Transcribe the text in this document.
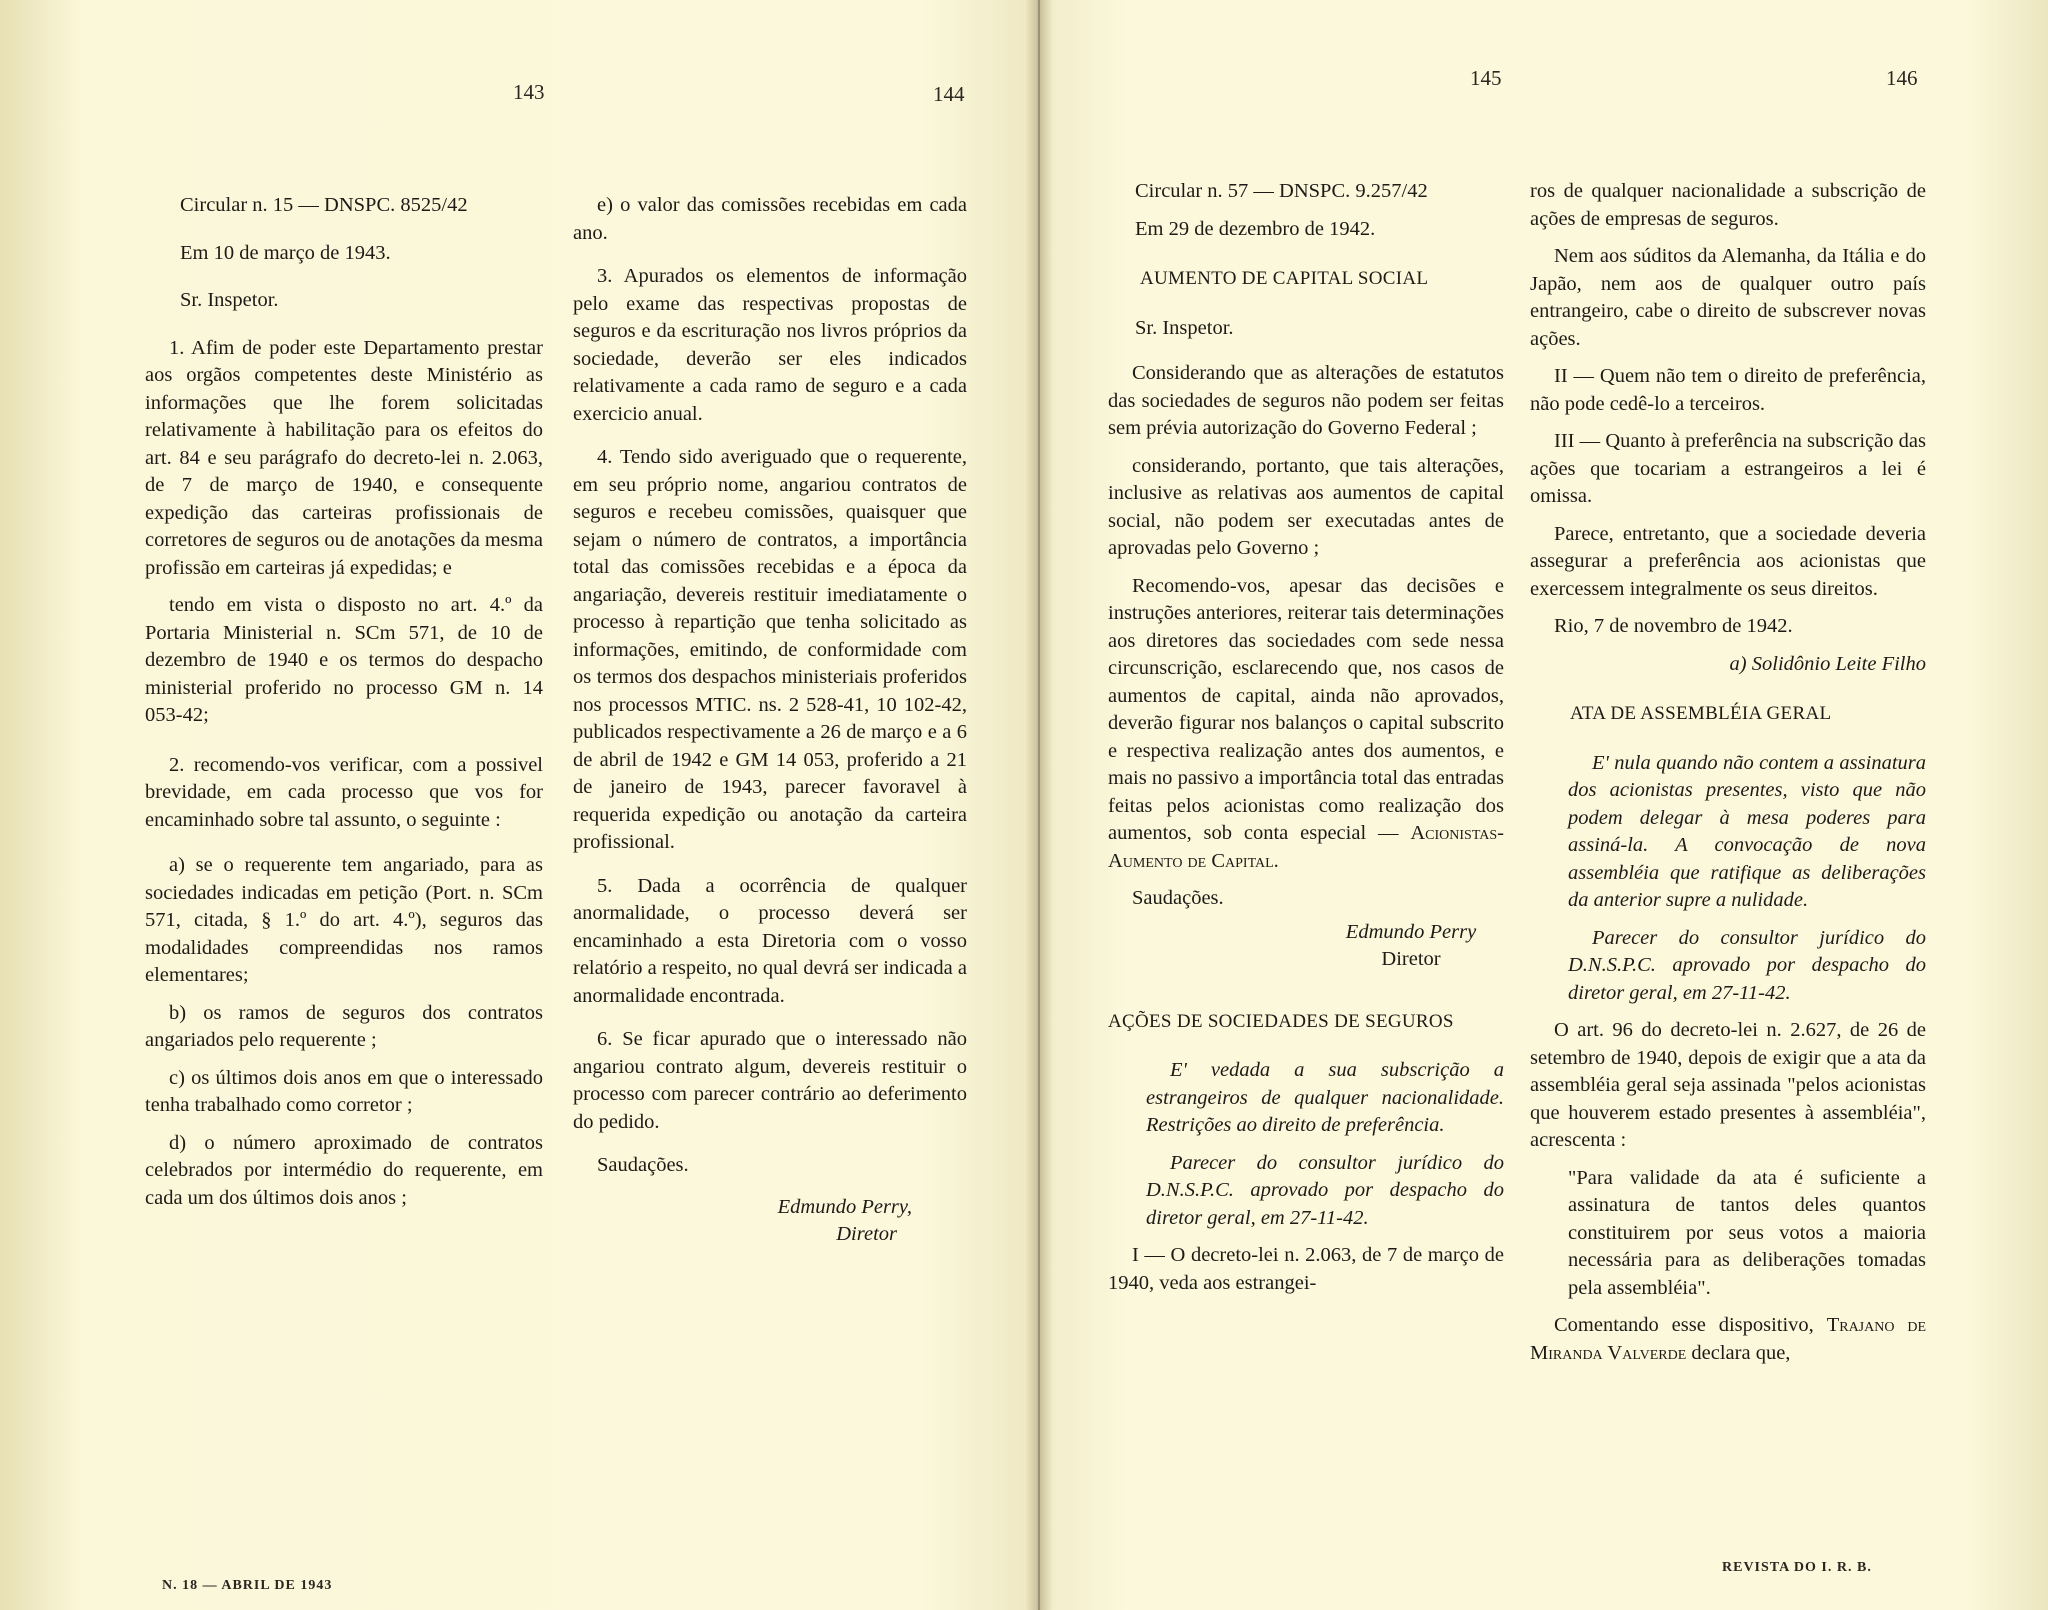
143	144
145	146

Circular n. 15 — DNSPC. 8525/42

Em 10 de março de 1943.

Sr. Inspetor.

1. Afim de poder este Departamento prestar aos orgãos competentes deste Ministério as informações que lhe forem solicitadas relativamente à habilitação para os efeitos do art. 84 e seu parágrafo do decreto-lei n. 2.063, de 7 de março de 1940, e consequente expedição das carteiras profissionais de corretores de seguros ou de anotações da mesma profissão em carteiras já expedidas; e

tendo em vista o disposto no art. 4.º da Portaria Ministerial n. SCm 571, de 10 de dezembro de 1940 e os termos do despacho ministerial proferido no processo GM n. 14 053-42;

2. recomendo-vos verificar, com a possivel brevidade, em cada processo que vos for encaminhado sobre tal assunto, o seguinte :

a) se o requerente tem angariado, para as sociedades indicadas em petição (Port. n. SCm 571, citada, § 1.º do art. 4.º), seguros das modalidades compreendidas nos ramos elementares;

b) os ramos de seguros dos contratos angariados pelo requerente ;

c) os últimos dois anos em que o interessado tenha trabalhado como corretor ;

d) o número aproximado de contratos celebrados por intermédio do requerente, em cada um dos últimos dois anos ;

e) o valor das comissões recebidas em cada ano.

3. Apurados os elementos de informação pelo exame das respectivas propostas de seguros e da escrituração nos livros próprios da sociedade, deverão ser eles indicados relativamente a cada ramo de seguro e a cada exercicio anual.

4. Tendo sido averiguado que o requerente, em seu próprio nome, angariou contratos de seguros e recebeu comissões, quaisquer que sejam o número de contratos, a importância total das comissões recebidas e a época da angariação, devereis restituir imediatamente o processo à repartição que tenha solicitado as informações, emitindo, de conformidade com os termos dos despachos ministeriais proferidos nos processos MTIC. ns. 2 528-41, 10 102-42, publicados respectivamente a 26 de março e a 6 de abril de 1942 e GM 14 053, proferido a 21 de janeiro de 1943, parecer favoravel à requerida expedição ou anotação da carteira profissional.

5. Dada a ocorrência de qualquer anormalidade, o processo deverá ser encaminhado a esta Diretoria com o vosso relatório a respeito, no qual devrá ser indicada a anormalidade encontrada.

6. Se ficar apurado que o interessado não angariou contrato algum, devereis restituir o processo com parecer contrário ao deferimento do pedido.

Saudações.

Edmundo Perry,

Diretor

Circular n. 57 — DNSPC. 9.257/42

Em 29 de dezembro de 1942.

AUMENTO DE CAPITAL SOCIAL

Sr. Inspetor.

Considerando que as alterações de estatutos das sociedades de seguros não podem ser feitas sem prévia autorização do Governo Federal ;

considerando, portanto, que tais alterações, inclusive as relativas aos aumentos de capital social, não podem ser executadas antes de aprovadas pelo Governo ;

Recomendo-vos, apesar das decisões e instruções anteriores, reiterar tais determinações aos diretores das sociedades com sede nessa circunscrição, esclarecendo que, nos casos de aumentos de capital, ainda não aprovados, deverão figurar nos balanços o capital subscrito e respectiva realização antes dos aumentos, e mais no passivo a importância total das entradas feitas pelos acionistas como realização dos aumentos, sob conta especial — Acionistas-Aumento de Capital.

Saudações.

Edmundo Perry

Diretor

AÇÕES DE SOCIEDADES DE SEGUROS

E' vedada a sua subscrição a estrangeiros de qualquer nacionalidade. Restrições ao direito de preferência.

Parecer do consultor jurídico do D.N.S.P.C. aprovado por despacho do diretor geral, em 27-11-42.

I — O decreto-lei n. 2.063, de 7 de março de 1940, veda aos estrangei-

ros de qualquer nacionalidade a subscrição de ações de empresas de seguros.

Nem aos súditos da Alemanha, da Itália e do Japão, nem aos de qualquer outro país entrangeiro, cabe o direito de subscrever novas ações.

II — Quem não tem o direito de preferência, não pode cedê-lo a terceiros.

III — Quanto à preferência na subscrição das ações que tocariam a estrangeiros a lei é omissa.

Parece, entretanto, que a sociedade deveria assegurar a preferência aos acionistas que exercessem integralmente os seus direitos.

Rio, 7 de novembro de 1942.

a) Solidônio Leite Filho

ATA DE ASSEMBLÉIA GERAL

E' nula quando não contem a assinatura dos acionistas presentes, visto que não podem delegar à mesa poderes para assiná-la. A convocação de nova assembléia que ratifique as deliberações da anterior supre a nulidade.

Parecer do consultor jurídico do D.N.S.P.C. aprovado por despacho do diretor geral, em 27-11-42.

O art. 96 do decreto-lei n. 2.627, de 26 de setembro de 1940, depois de exigir que a ata da assembléia geral seja assinada "pelos acionistas que houverem estado presentes à assembléia", acrescenta :

"Para validade da ata é suficiente a assinatura de tantos deles quantos constituirem por seus votos a maioria necessária para as deliberações tomadas pela assembléia".

Comentando esse dispositivo, Trajano de Miranda Valverde declara que,

N. 18 — ABRIL DE 1943
REVISTA DO I. R. B.
